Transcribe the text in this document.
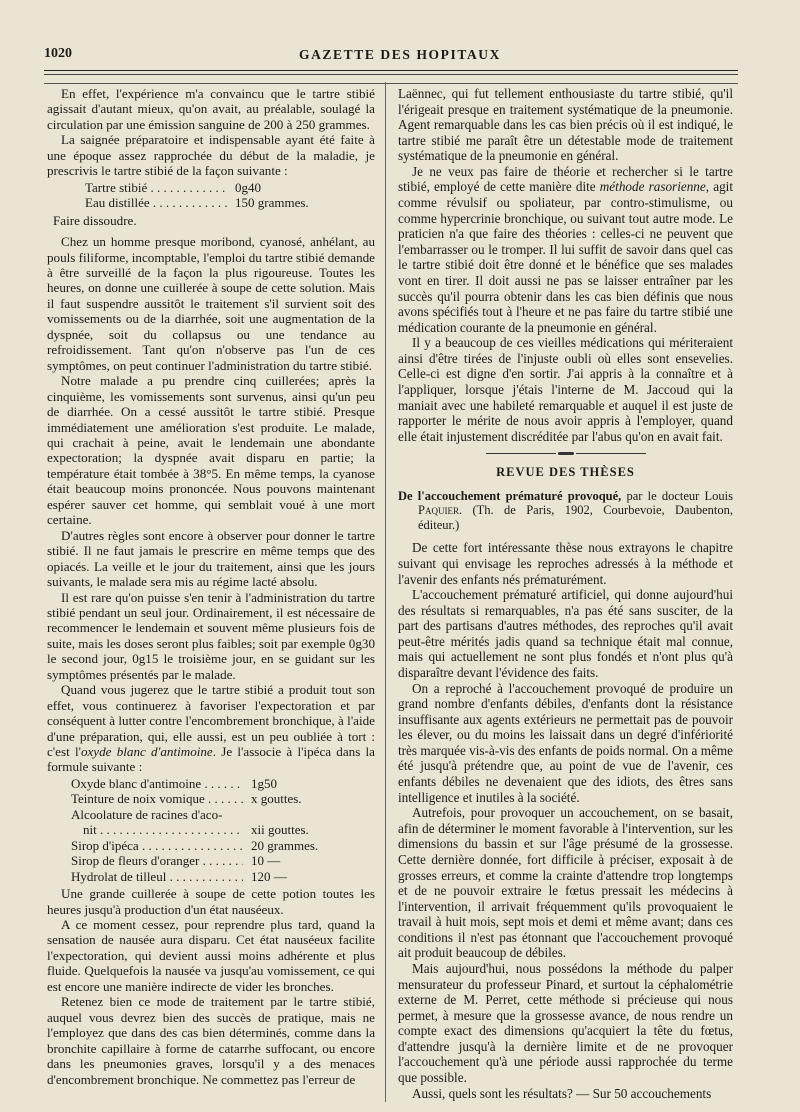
1020	GAZETTE DES HOPITAUX

En effet, l'expérience m'a convaincu que le tartre stibié agissait d'autant mieux, qu'on avait, au préalable, soulagé la circulation par une émission sanguine de 200 à 250 grammes.

La saignée préparatoire et indispensable ayant été faite à une époque assez rapprochée du début de la maladie, je prescrivis le tartre stibié de la façon suivante :

Tartre stibié . . .	0g40
Eau distillée . . .	150 grammes.

Faire dissoudre.

Chez un homme presque moribond, cyanosé, anhélant, au pouls filiforme, incomptable, l'emploi du tartre stibié demande à être surveillé de la façon la plus rigoureuse. Toutes les heures, on donne une cuillerée à soupe de cette solution. Mais il faut suspendre aussitôt le traitement s'il survient soit des vomissements ou de la diarrhée, soit une augmentation de la dyspnée, soit du collapsus ou une tendance au refroidissement. Tant qu'on n'observe pas l'un de ces symptômes, on peut continuer l'administration du tartre stibié.

Notre malade a pu prendre cinq cuillerées; après la cinquième, les vomissements sont survenus, ainsi qu'un peu de diarrhée. On a cessé aussitôt le tartre stibié. Presque immédiatement une amélioration s'est produite. Le malade, qui crachait à peine, avait le lendemain une abondante expectoration; la dyspnée avait disparu en partie; la température était tombée à 38°5. En même temps, la cyanose était beaucoup moins prononcée. Nous pouvons maintenant espérer sauver cet homme, qui semblait voué à une mort certaine.

D'autres règles sont encore à observer pour donner le tartre stibié. Il ne faut jamais le prescrire en même temps que des opiacés. La veille et le jour du traitement, ainsi que les jours suivants, le malade sera mis au régime lacté absolu.

Il est rare qu'on puisse s'en tenir à l'administration du tartre stibié pendant un seul jour. Ordinairement, il est nécessaire de recommencer le lendemain et souvent même plusieurs fois de suite, mais les doses seront plus faibles; soit par exemple 0g30 le second jour, 0g15 le troisième jour, en se guidant sur les symptômes présentés par le malade.

Quand vous jugerez que le tartre stibié a produit tout son effet, vous continuerez à favoriser l'expectoration et par conséquent à lutter contre l'encombrement bronchique, à l'aide d'une préparation, qui, elle aussi, est un peu oubliée à tort : c'est l'oxyde blanc d'antimoine. Je l'associe à l'ipéca dans la formule suivante :

Oxyde blanc d'antimoine . . .	1g50
Teinture de noix vomique . . .	x gouttes.
Alcoolature de racines d'aco-
nit . . .	xii gouttes.
Sirop d'ipéca . . .	20 grammes.
Sirop de fleurs d'oranger . . .	10 —
Hydrolat de tilleul . . .	120 —

Une grande cuillerée à soupe de cette potion toutes les heures jusqu'à production d'un état nauséeux.

A ce moment cessez, pour reprendre plus tard, quand la sensation de nausée aura disparu. Cet état nauséeux facilite l'expectoration, qui devient aussi moins adhérente et plus fluide. Quelquefois la nausée va jusqu'au vomissement, ce qui est encore une manière indirecte de vider les bronches.

Retenez bien ce mode de traitement par le tartre stibié, auquel vous devrez bien des succès de pratique, mais ne l'employez que dans des cas bien déterminés, comme dans la bronchite capillaire à forme de catarrhe suffocant, ou encore dans les pneumonies graves, lorsqu'il y a des menaces d'encombrement bronchique. Ne commettez pas l'erreur de

Laënnec, qui fut tellement enthousiaste du tartre stibié, qu'il l'érigeait presque en traitement systématique de la pneumonie. Agent remarquable dans les cas bien précis où il est indiqué, le tartre stibié me paraît être un détestable mode de traitement systématique de la pneumonie en général.

Je ne veux pas faire de théorie et rechercher si le tartre stibié, employé de cette manière dite méthode rasorienne, agit comme révulsif ou spoliateur, par contro-stimulisme, ou comme hypercrinie bronchique, ou suivant tout autre mode. Le praticien n'a que faire des théories : celles-ci ne peuvent que l'embarrasser ou le tromper. Il lui suffit de savoir dans quel cas le tartre stibié doit être donné et le bénéfice que ses malades vont en tirer. Il doit aussi ne pas se laisser entraîner par les succès qu'il pourra obtenir dans les cas bien définis que nous avons spécifiés tout à l'heure et ne pas faire du tartre stibié une médication courante de la pneumonie en général.

Il y a beaucoup de ces vieilles médications qui mériteraient ainsi d'être tirées de l'injuste oubli où elles sont ensevelies. Celle-ci est digne d'en sortir. J'ai appris à la connaître et à l'appliquer, lorsque j'étais l'interne de M. Jaccoud qui la maniait avec une habileté remarquable et auquel il est juste de rapporter le mérite de nous avoir appris à l'employer, quand elle était injustement discréditée par l'abus qu'on en avait fait.

REVUE DES THÈSES

De l'accouchement prématuré provoqué, par le docteur Louis Paquier. (Th. de Paris, 1902, Courbevoie, Daubenton, éditeur.)

De cette fort intéressante thèse nous extrayons le chapitre suivant qui envisage les reproches adressés à la méthode et l'avenir des enfants nés prématurément.

L'accouchement prématuré artificiel, qui donne aujourd'hui des résultats si remarquables, n'a pas été sans susciter, de la part des partisans d'autres méthodes, des reproches qu'il avait peut-être mérités jadis quand sa technique était mal connue, mais qui actuellement ne sont plus fondés et n'ont plus qu'à disparaître devant l'évidence des faits.

On a reproché à l'accouchement provoqué de produire un grand nombre d'enfants débiles, d'enfants dont la résistance insuffisante aux agents extérieurs ne permettait pas de pouvoir les élever, ou du moins les laissait dans un degré d'infériorité très marquée vis-à-vis des enfants de poids normal. On a même été jusqu'à prétendre que, au point de vue de l'avenir, ces enfants débiles ne devenaient que des idiots, des êtres sans intelligence et inutiles à la société.

Autrefois, pour provoquer un accouchement, on se basait, afin de déterminer le moment favorable à l'intervention, sur les dimensions du bassin et sur l'âge présumé de la grossesse. Cette dernière donnée, fort difficile à préciser, exposait à de grosses erreurs, et comme la crainte d'attendre trop longtemps et de ne pouvoir extraire le fœtus pressait les médecins à l'intervention, il arrivait fréquemment qu'ils provoquaient le travail à huit mois, sept mois et demi et même avant; dans ces conditions il n'est pas étonnant que l'accouchement provoqué ait produit beaucoup de débiles.

Mais aujourd'hui, nous possédons la méthode du palper mensurateur du professeur Pinard, et surtout la céphalométrie externe de M. Perret, cette méthode si précieuse qui nous permet, à mesure que la grossesse avance, de nous rendre un compte exact des dimensions qu'acquiert la tête du fœtus, d'attendre jusqu'à la dernière limite et de ne provoquer l'accouchement qu'à une période aussi rapprochée du terme que possible.

Aussi, quels sont les résultats? — Sur 50 accouchements
